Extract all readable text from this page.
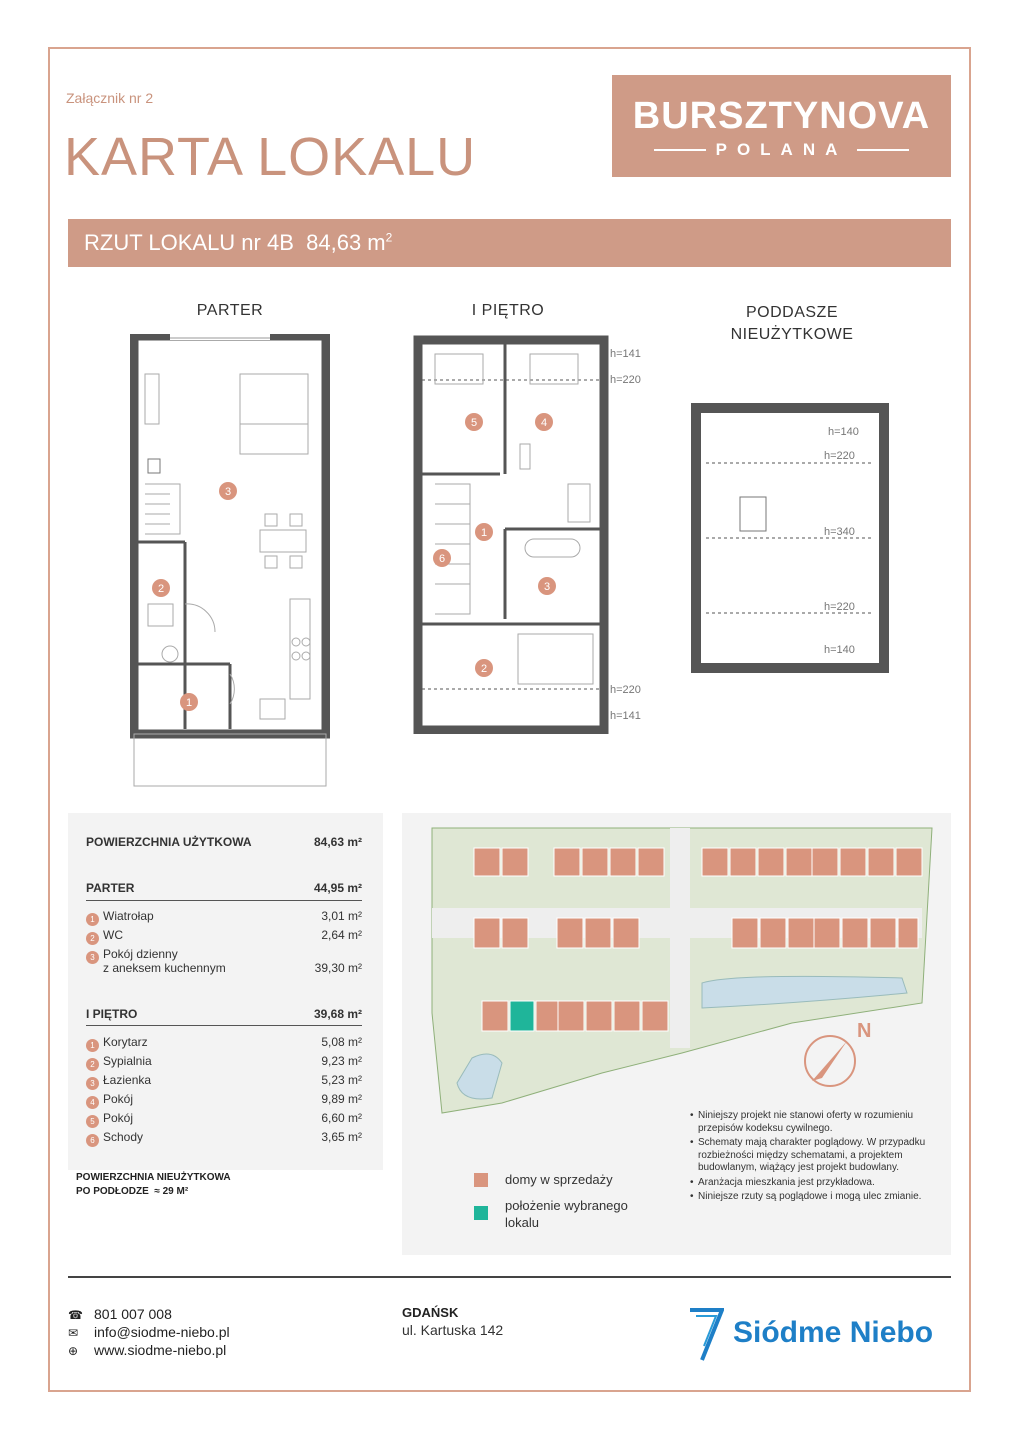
Załącznik nr 2
KARTA LOKALU
BURSZTYNOVA
POLANA
RZUT LOKALU nr 4B 84,63 $m^2$
PARTER	I PIĘTRO	PODDASZE
NIEUŻYTKOWE
3
2
1
5	4
1
6
3
2
h=141
h=220
h=220
h=141
h=140
h=220
h=340
h=220
h=140
POWIERZCHNIA UŻYTKOWA	84,63 m²
PARTER	44,95 m²
1 Wiatrołap	3,01 m²
2 WC	2,64 m²
3 Pokój dzienny
z aneksem kuchennym	39,30 m²
I PIĘTRO	39,68 m²
1 Korytarz	5,08 m²
2 Sypialnia	9,23 m²
3 Łazienka	5,23 m²
4 Pokój	9,89 m²
5 Pokój	6,60 m²
6 Schody	3,65 m²
POWIERZCHNIA NIEUŻYTKOWA
PO PODŁODZE  ≈ 29 M²
N
domy w sprzedaży
położenie wybranego
lokalu
• Niniejszy projekt nie stanowi oferty w rozumieniu przepisów kodeksu cywilnego.
• Schematy mają charakter poglądowy. W przypadku rozbieżności między schematami, a projektem budowlanym, wiążący jest projekt budowlany.
• Aranżacja mieszkania jest przykładowa.
• Niniejsze rzuty są poglądowe i mogą ulec zmianie.
☎ 801 007 008
✉ info@siodme-niebo.pl
⊕ www.siodme-niebo.pl
GDAŃSK
ul. Kartuska 142	Siódme Niebo
